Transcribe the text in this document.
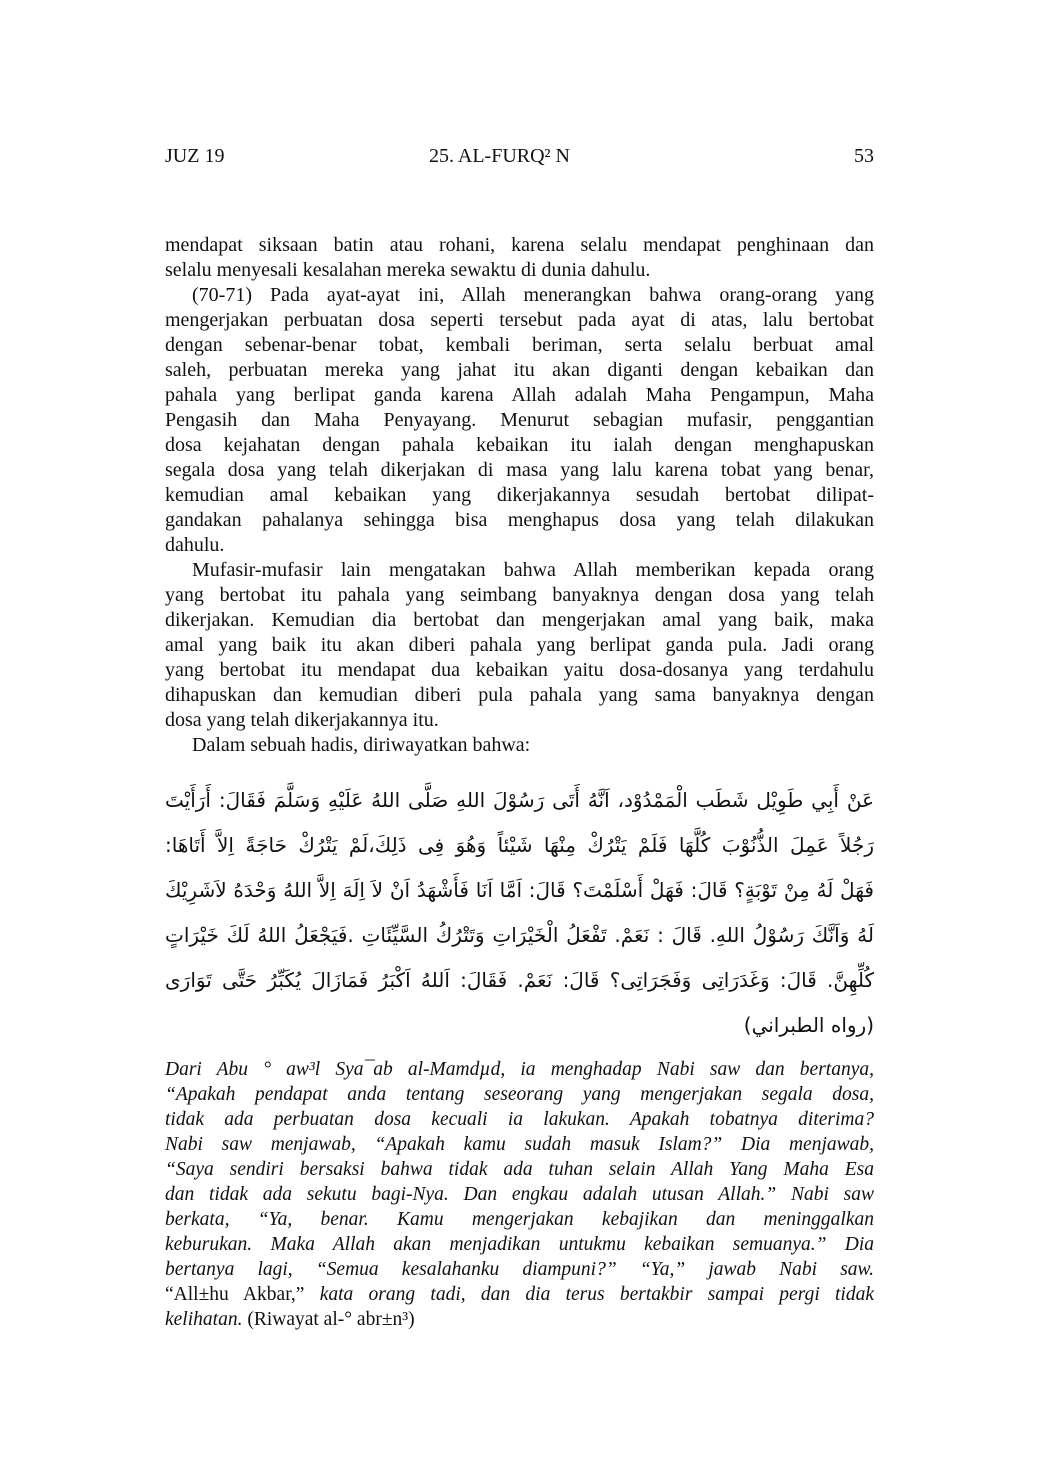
JUZ 19	25. AL-FURQ² N	53
mendapat siksaan batin atau rohani, karena selalu mendapat penghinaan dan
selalu menyesali kesalahan mereka sewaktu di dunia dahulu.
(70-71) Pada ayat-ayat ini, Allah menerangkan bahwa orang-orang yang
mengerjakan perbuatan dosa seperti tersebut pada ayat di atas, lalu bertobat
dengan sebenar-benar tobat, kembali beriman, serta selalu berbuat amal
saleh, perbuatan mereka yang jahat itu akan diganti dengan kebaikan dan
pahala yang berlipat ganda karena Allah adalah Maha Pengampun, Maha
Pengasih dan Maha Penyayang. Menurut sebagian mufasir, penggantian
dosa kejahatan dengan pahala kebaikan itu ialah dengan menghapuskan
segala dosa yang telah dikerjakan di masa yang lalu karena tobat yang benar,
kemudian amal kebaikan yang dikerjakannya sesudah bertobat dilipat-
gandakan pahalanya sehingga bisa menghapus dosa yang telah dilakukan
dahulu.
Mufasir-mufasir lain mengatakan bahwa Allah memberikan kepada orang
yang bertobat itu pahala yang seimbang banyaknya dengan dosa yang telah
dikerjakan. Kemudian dia bertobat dan mengerjakan amal yang baik, maka
amal yang baik itu akan diberi pahala yang berlipat ganda pula. Jadi orang
yang bertobat itu mendapat dua kebaikan yaitu dosa-dosanya yang terdahulu
dihapuskan dan kemudian diberi pula pahala yang sama banyaknya dengan
dosa yang telah dikerjakannya itu.
Dalam sebuah hadis, diriwayatkan bahwa:
عَنْ أَبِي طَوِيْل شَطَب الْمَمْدُوْد، اَنَّهُ أَتَى رَسُوْلَ اللهِ صَلَّى اللهُ عَلَيْهِ وَسَلَّمَ فَقَالَ: أَرَأَيْتَ
رَجُلاً عَمِلَ الذُّنُوْبَ كُلَّهَا فَلَمْ يَتْرُكْ مِنْهَا شَيْئاً وَهُوَ فِى ذَلِكَ،لَمْ يَتْرُكْ حَاجَةً اِلاَّ أَتَاهَا:
فَهَلْ لَهُ مِنْ تَوْبَةٍ؟ قَالَ: فَهَلْ أَسْلَمْتَ؟ قَالَ: اَمَّا اَنَا فَأَشْهَدُ اَنْ لاَ اِلَهَ اِلاَّ اللهُ وَحْدَهُ لاَشَرِيْكَ
لَهُ وَاَنَّكَ رَسُوْلُ اللهِ. قَالَ : نَعَمْ. تَفْعَلُ الْخَيْرَاتِ وَتَتْرُكُ السَّيِّئَاتِ .فَيَجْعَلُ اللهُ لَكَ خَيْرَاتٍ
كُلِّهِنَّ. قَالَ: وَغَدَرَاتِى وَفَجَرَاتِى؟ قَالَ: نَعَمْ. فَقَالَ: اَللهُ اَكْبَرُ فَمَازَالَ يُكَبِّرُ حَتَّى تَوَارَى
(رواه الطبراني)
Dari Abu ° aw³l Sya¯ab al-Mamdµd, ia menghadap Nabi saw dan bertanya,
“Apakah pendapat anda tentang seseorang yang mengerjakan segala dosa,
tidak ada perbuatan dosa kecuali ia lakukan. Apakah tobatnya diterima?
Nabi saw menjawab, “Apakah kamu sudah masuk Islam?” Dia menjawab,
“Saya sendiri bersaksi bahwa tidak ada tuhan selain Allah Yang Maha Esa
dan tidak ada sekutu bagi-Nya. Dan engkau adalah utusan Allah.” Nabi saw
berkata, “Ya, benar. Kamu mengerjakan kebajikan dan meninggalkan
keburukan. Maka Allah akan menjadikan untukmu kebaikan semuanya.” Dia
bertanya lagi, “Semua kesalahanku diampuni?” “Ya,” jawab Nabi saw.
“All±hu Akbar,” kata orang tadi, dan dia terus bertakbir sampai pergi tidak
kelihatan. (Riwayat al-° abr±n³)
